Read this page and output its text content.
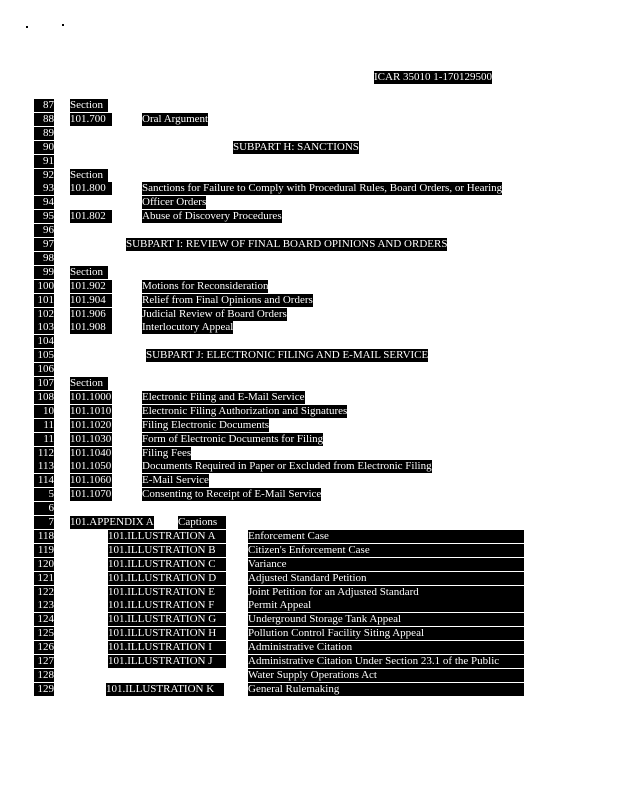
ICAR 35010 1-170129500
87 Section
88 101.700	Oral Argument
89
90	SUBPART H: SANCTIONS
91
92 Section
93 101.800	Sanctions for Failure to Comply with Procedural Rules, Board Orders, or Hearing
94	Officer Orders
95 101.802	Abuse of Discovery Procedures
96
97	SUBPART I: REVIEW OF FINAL BOARD OPINIONS AND ORDERS
98
99 Section
100 101.902	Motions for Reconsideration
101 101.904	Relief from Final Opinions and Orders
102 101.906	Judicial Review of Board Orders
103 101.908	Interlocutory Appeal
104
105	SUBPART J: ELECTRONIC FILING AND E-MAIL SERVICE
106
107 Section
108 101.1000	Electronic Filing and E-Mail Service
10 101.1010	Electronic Filing Authorization and Signatures
11 101.1020	Filing Electronic Documents
11 101.1030	Form of Electronic Documents for Filing
112 101.1040	Filing Fees
113 101.1050	Documents Required in Paper or Excluded from Electronic Filing
114 101.1060	E-Mail Service
5 101.1070	Consenting to Receipt of E-Mail Service
6
7 101.APPENDIX A Captions
118	101.ILLUSTRATION A	Enforcement Case
119	101.ILLUSTRATION B	Citizen's Enforcement Case
120	101.ILLUSTRATION C	Variance
121	101.ILLUSTRATION D	Adjusted Standard Petition
122	101.ILLUSTRATION E	Joint Petition for an Adjusted Standard
123	101.ILLUSTRATION F	Permit Appeal
124	101.ILLUSTRATION G	Underground Storage Tank Appeal
125	101.ILLUSTRATION H	Pollution Control Facility Siting Appeal
126	101.ILLUSTRATION I	Administrative Citation
127	101.ILLUSTRATION J	Administrative Citation Under Section 23.1 of the Public
128	Water Supply Operations Act
129	101.ILLUSTRATION K	General Rulemaking
